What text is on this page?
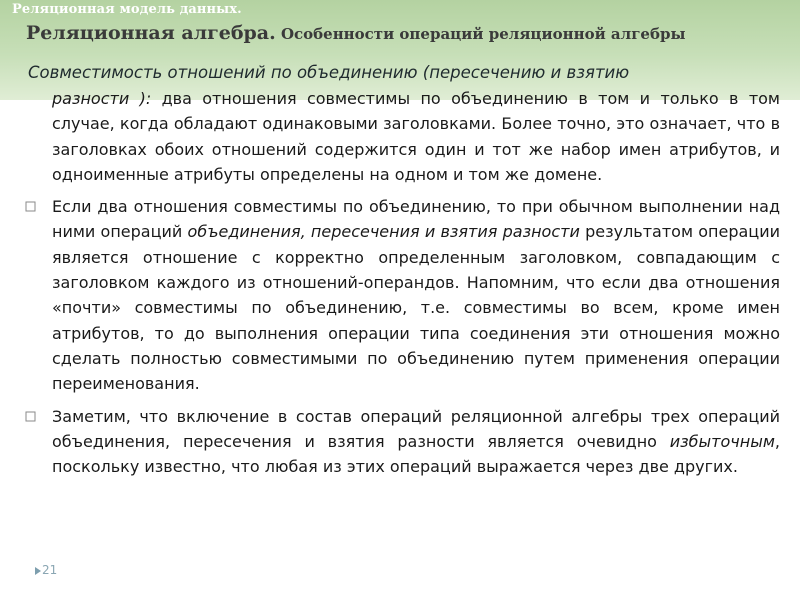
Реляционная модель данных.
Реляционная алгебра. Особенности операций реляционной алгебры
Совместимость отношений по объединению (пересечению и взятию

разности ): два отношения совместимы по объединению в том и только в том случае, когда обладают одинаковыми заголовками. Более точно, это означает, что в заголовках обоих отношений содержится один и тот же набор имен атрибутов, и одноименные атрибуты определены на одном и том же домене.

Если два отношения совместимы по объединению, то при обычном выполнении над ними операций объединения, пересечения и взятия разности результатом операции является отношение с корректно определенным заголовком, совпадающим с заголовком каждого из отношений-операндов. Напомним, что если два отношения «почти» совместимы по объединению, т.е. совместимы во всем, кроме имен атрибутов, то до выполнения операции типа соединения эти отношения можно сделать полностью совместимыми по объединению путем применения операции переименования.

Заметим, что включение в состав операций реляционной алгебры трех операций объединения, пересечения и взятия разности является очевидно избыточным, поскольку известно, что любая из этих операций выражается через две других.

21
